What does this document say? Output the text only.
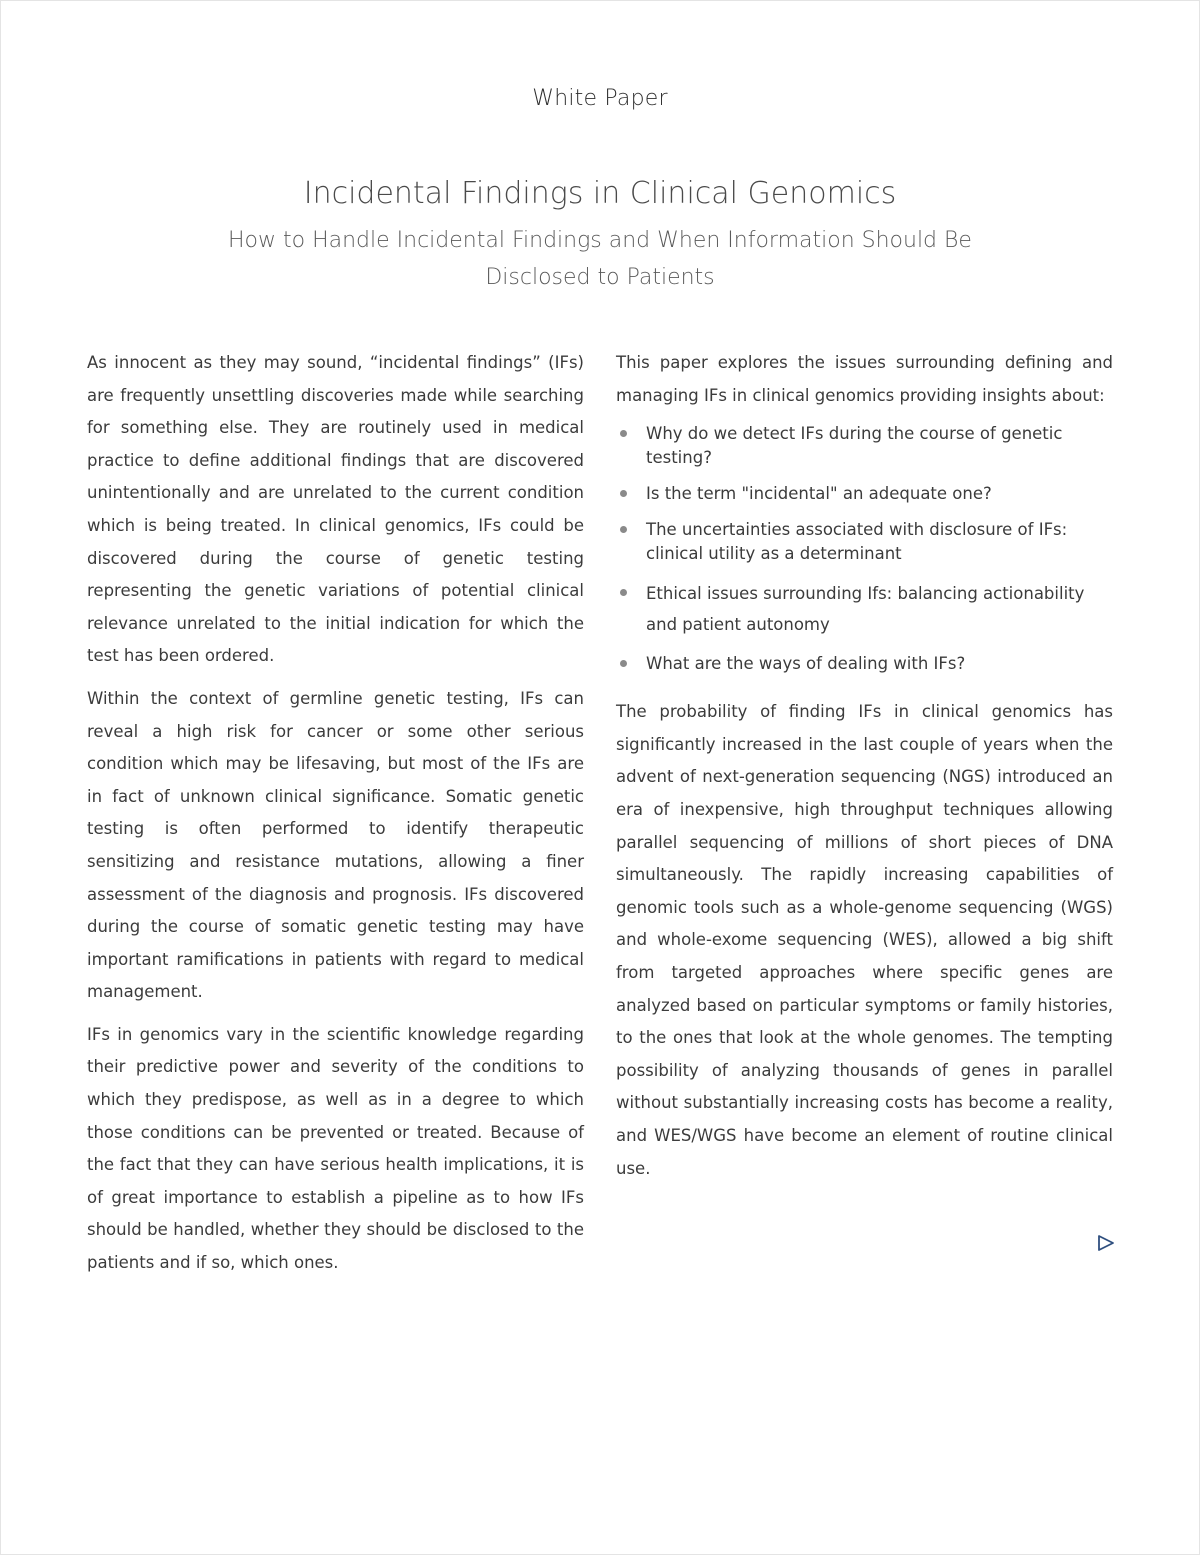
White Paper
Incidental Findings in Clinical Genomics
How to Handle Incidental Findings and When Information Should Be Disclosed to Patients

As innocent as they may sound, “incidental findings” (IFs) are frequently unsettling discoveries made while searching for something else. They are routinely used in medical practice to define additional findings that are discovered unintentionally and are unrelated to the current condition which is being treated. In clinical genomics, IFs could be discovered during the course of genetic testing representing the genetic variations of potential clinical relevance unrelated to the initial indication for which the test has been ordered.

Within the context of germline genetic testing, IFs can reveal a high risk for cancer or some other serious condition which may be lifesaving, but most of the IFs are in fact of unknown clinical significance. Somatic genetic testing is often performed to identify therapeutic sensitizing and resistance mutations, allowing a finer assessment of the diagnosis and prognosis. IFs discovered during the course of somatic genetic testing may have important ramifications in patients with regard to medical management.

IFs in genomics vary in the scientific knowledge regarding their predictive power and severity of the conditions to which they predispose, as well as in a degree to which those conditions can be prevented or treated. Because of the fact that they can have serious health implications, it is of great importance to establish a pipeline as to how IFs should be handled, whether they should be disclosed to the patients and if so, which ones.

This paper explores the issues surrounding defining and managing IFs in clinical genomics providing insights about:

Why do we detect IFs during the course of genetic testing?
Is the term "incidental" an adequate one?
The uncertainties associated with disclosure of IFs: clinical utility as a determinant
Ethical issues surrounding Ifs: balancing actionability and patient autonomy
What are the ways of dealing with IFs?

The probability of finding IFs in clinical genomics has significantly increased in the last couple of years when the advent of next-generation sequencing (NGS) introduced an era of inexpensive, high throughput techniques allowing parallel sequencing of millions of short pieces of DNA simultaneously. The rapidly increasing capabilities of genomic tools such as a whole-genome sequencing (WGS) and whole-exome sequencing (WES), allowed a big shift from targeted approaches where specific genes are analyzed based on particular symptoms or family histories, to the ones that look at the whole genomes. The tempting possibility of analyzing thousands of genes in parallel without substantially increasing costs has become a reality, and WES/WGS have become an element of routine clinical use.
